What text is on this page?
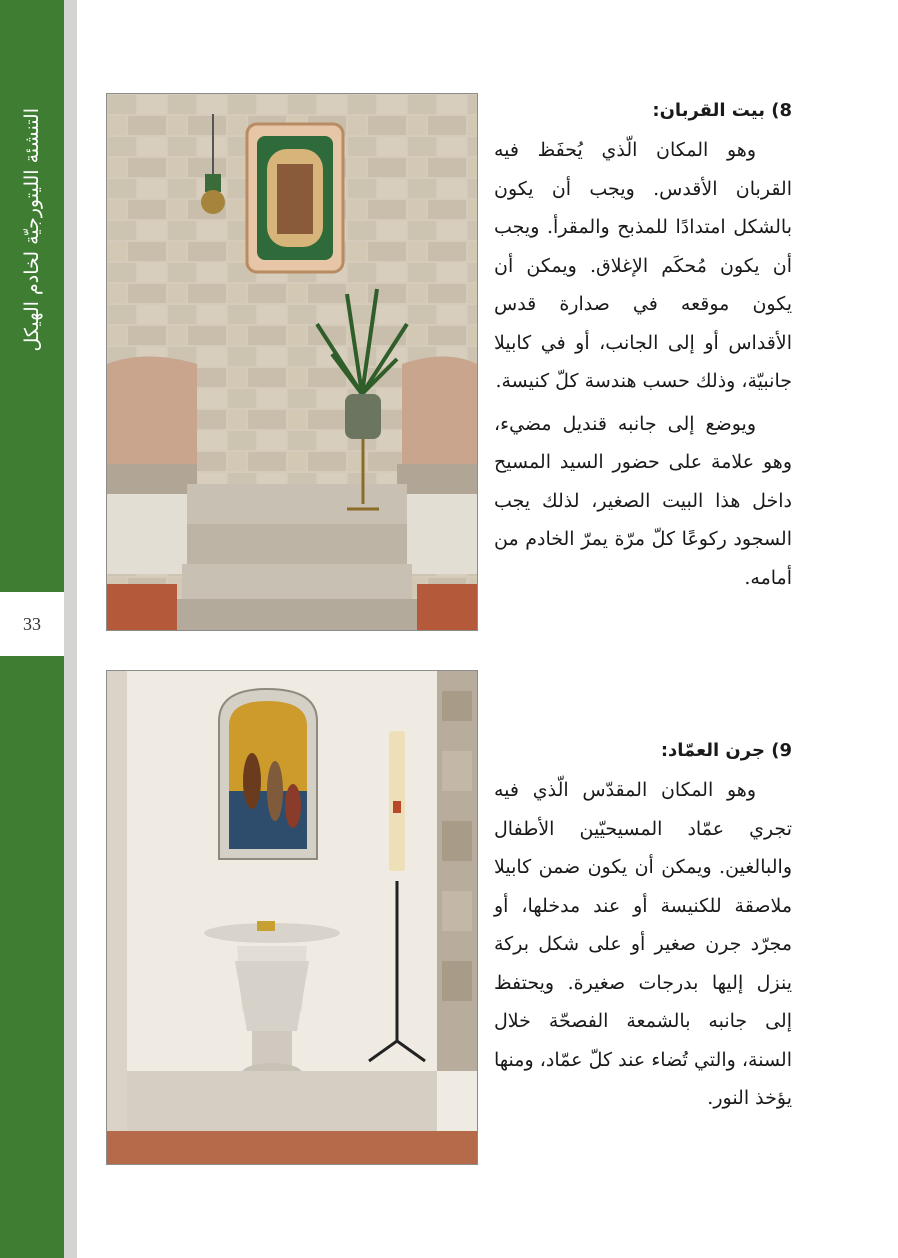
التنشئة الليتورجيّة لخادم الهيكل
33
8) بيت القربان:

وهو المكان الّذي يُحفَظ فيه القربان الأقدس. ويجب أن يكون بالشكل امتدادًا للمذبح والمقرأ. ويجب أن يكون مُحكَم الإغلاق. ويمكن أن يكون موقعه في صدارة قدس الأقداس أو إلى الجانب، أو في كابيلا جانبيّة، وذلك حسب هندسة كلّ كنيسة.

ويوضع إلى جانبه قنديل مضيء، وهو علامة على حضور السيد المسيح داخل هذا البيت الصغير، لذلك يجب السجود ركوعًا كلّ مرّة يمرّ الخادم من أمامه.

9) جرن العمّاد:

وهو المكان المقدّس الّذي فيه تجري عمّاد المسيحيّين الأطفال والبالغين. ويمكن أن يكون ضمن كابيلا ملاصقة للكنيسة أو عند مدخلها، أو مجرّد جرن صغير أو على شكل بركة ينزل إليها بدرجات صغيرة. ويحتفظ إلى جانبه بالشمعة الفصحّة خلال السنة، والتي تُضاء عند كلّ عمّاد، ومنها يؤخذ النور.
